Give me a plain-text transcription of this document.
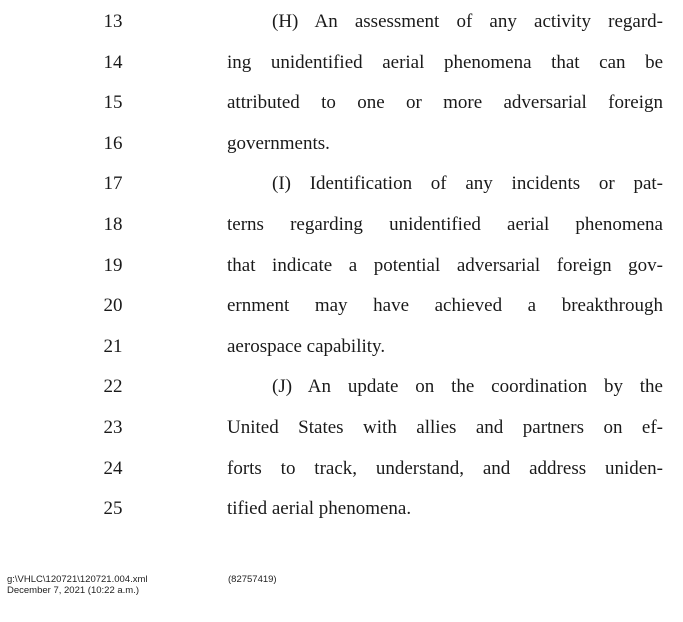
13	(H) An assessment of any activity regard-
14	ing unidentified aerial phenomena that can be
15	attributed to one or more adversarial foreign
16	governments.
17	(I) Identification of any incidents or pat-
18	terns regarding unidentified aerial phenomena
19	that indicate a potential adversarial foreign gov-
20	ernment may have achieved a breakthrough
21	aerospace capability.
22	(J) An update on the coordination by the
23	United States with allies and partners on ef-
24	forts to track, understand, and address uniden-
25	tified aerial phenomena.
g:\VHLC\120721\120721.004.xml
December 7, 2021 (10:22 a.m.)
(82757419)
